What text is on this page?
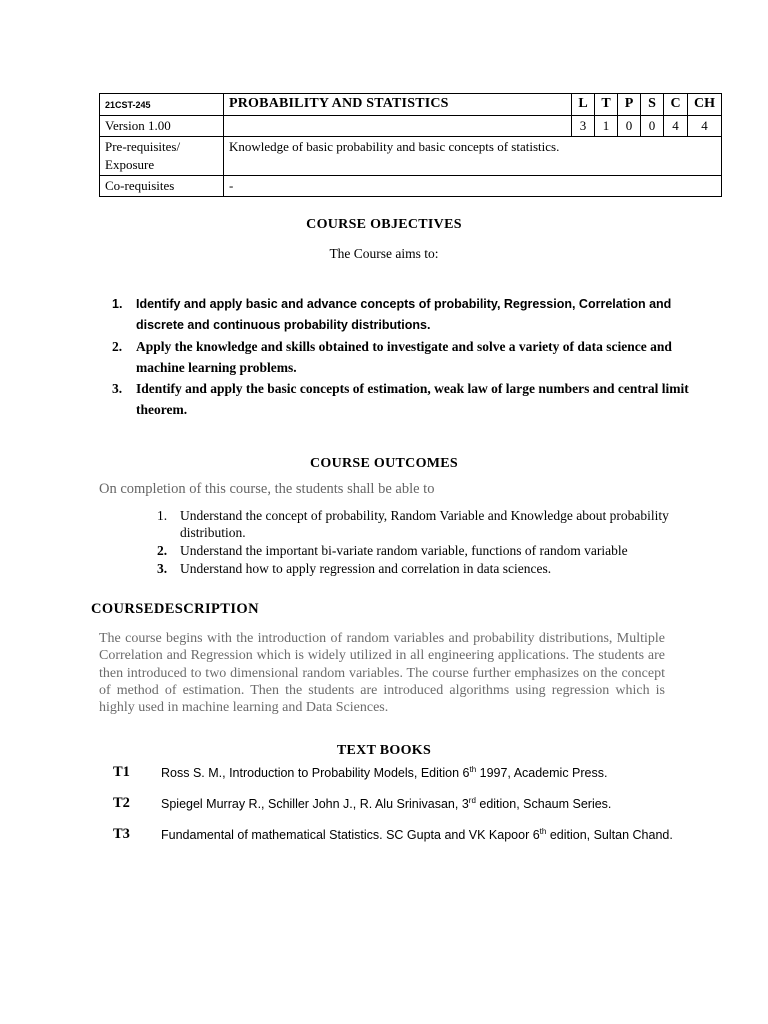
21CST-245	PROBABILITY AND STATISTICS	L	T	P	S	C	CH
Version 1.00		3	1	0	0	4	4

Pre-requisites/
Exposure	Knowledge of basic probability and basic concepts of statistics.						
Co-requisites	-						
COURSE OBJECTIVES
The Course aims to:
1. Identify and apply basic and advance concepts of probability, Regression, Correlation and discrete and continuous probability distributions.
2. Apply the knowledge and skills obtained to investigate and solve a variety of data science and machine learning problems.
3. Identify and apply the basic concepts of estimation, weak law of large numbers and central limit theorem.
COURSE OUTCOMES
On completion of this course, the students shall be able to
1. Understand the concept of probability, Random Variable and Knowledge about probability distribution.
2. Understand the important bi-variate random variable, functions of random variable
3. Understand how to apply regression and correlation in data sciences.
COURSEDESCRIPTION
The course begins with the introduction of random variables and probability distributions, Multiple Correlation and Regression which is widely utilized in all engineering applications. The students are then introduced to two dimensional random variables. The course further emphasizes on the concept of method of estimation. Then the students are introduced algorithms using regression which is highly used in machine learning and Data Sciences.
TEXT BOOKS
T1 Ross S. M., Introduction to Probability Models, Edition 6th 1997, Academic Press.
T2 Spiegel Murray R., Schiller John J., R. Alu Srinivasan, 3rd edition, Schaum Series.
T3 Fundamental of mathematical Statistics. SC Gupta and VK Kapoor 6th edition, Sultan Chand.
